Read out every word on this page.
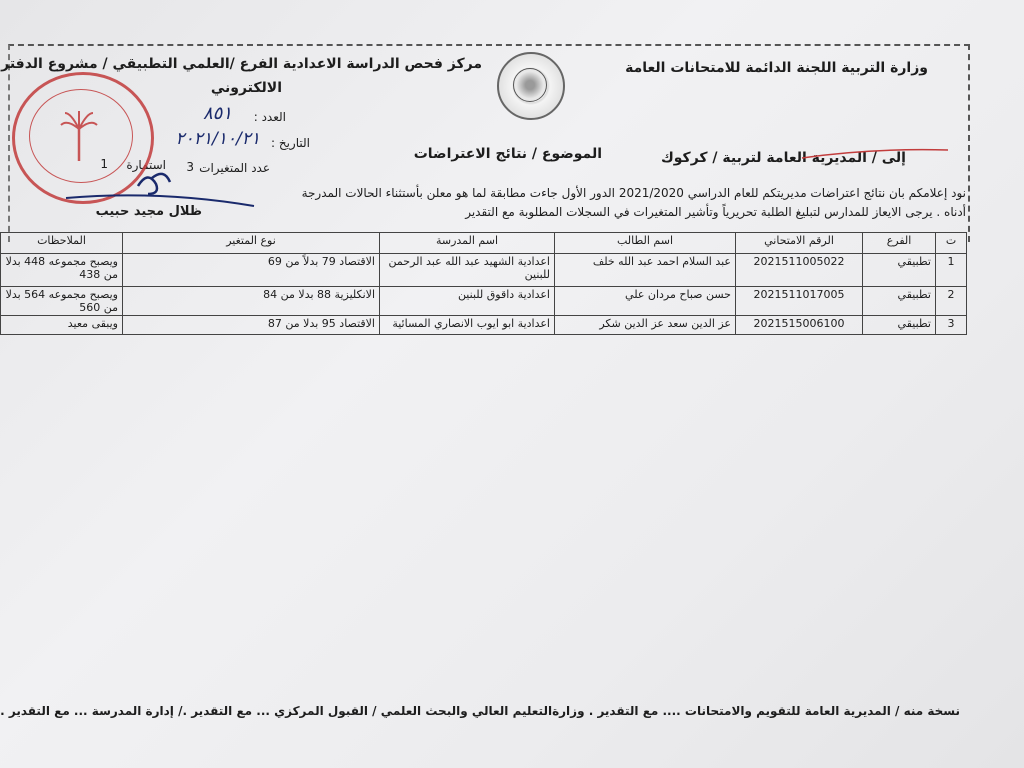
وزارة التربية اللجنة الدائمة للامتحانات العامة
مركز فحص الدراسة الاعدادية الفرع /العلمي التطبيقي / مشروع الدفتر
الالكتروني
العدد :
٨٥١
التاريخ :
٢٠٢١/١٠/٢١
عدد المتغيرات
3
استمارة
1
ظلال مجيد حبيب
إلى / المديرية العامة لتربية / كركوك
الموضوع / نتائج الاعتراضات
نود إعلامكم بان نتائج اعتراضات مديريتكم للعام الدراسي 2021/2020 الدور الأول جاءت مطابقة لما هو معلن بأستثناء الحالات المدرجة
أدناه . يرجى الايعاز للمدارس لتبليغ الطلبة تحريرياً وتأشير المتغيرات في السجلات المطلوبة مع التقدير
ت	الفرع	الرقم الامتحاني	اسم الطالب	اسم المدرسة	نوع المتغير	الملاحظات
1	تطبيقي	2021511005022	عبد السلام احمد عبد الله خلف	اعدادية الشهيد عبد الله عبد الرحمن للبنين	الاقتصاد 79 بدلاً من 69	ويصبح مجموعه 448 بدلا من 438
2	تطبيقي	2021511017005	حسن صباح مردان علي	اعدادية داقوق للبنين	الانكليزية 88 بدلا من 84	ويصبح مجموعه 564 بدلا من 560
3	تطبيقي	2021515006100	عز الدين سعد عز الدين شكر	اعدادية ابو ايوب الانصاري المسائية	الاقتصاد 95 بدلا من 87	ويبقى معيد
نسخة منه / المديرية العامة للتقويم والامتحانات .... مع التقدير . وزارةالتعليم العالي والبحث العلمي / القبول المركزي ... مع التقدير ./ إدارة المدرسة ... مع التقدير .
